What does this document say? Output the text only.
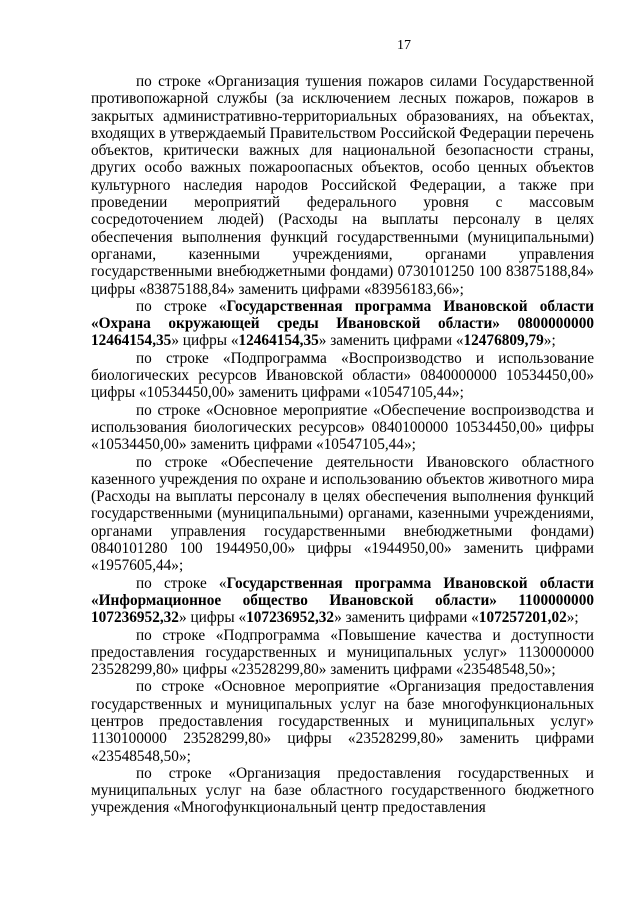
17

по строке «Организация тушения пожаров силами Государственной противопожарной службы (за исключением лесных пожаров, пожаров в закрытых административно-территориальных образованиях, на объектах, входящих в утверждаемый Правительством Российской Федерации перечень объектов, критически важных для национальной безопасности страны, других особо важных пожароопасных объектов, особо ценных объектов культурного наследия народов Российской Федерации, а также при проведении мероприятий федерального уровня с массовым сосредоточением людей) (Расходы на выплаты персоналу в целях обеспечения выполнения функций государственными (муниципальными) органами, казенными учреждениями, органами управления государственными внебюджетными фондами) 0730101250 100 83875188,84» цифры «83875188,84» заменить цифрами «83956183,66»;

по строке «Государственная программа Ивановской области «Охрана окружающей среды Ивановской области» 0800000000 12464154,35» цифры «12464154,35» заменить цифрами «12476809,79»;

по строке «Подпрограмма «Воспроизводство и использование биологических ресурсов Ивановской области» 0840000000 10534450,00» цифры «10534450,00» заменить цифрами «10547105,44»;

по строке «Основное мероприятие «Обеспечение воспроизводства и использования биологических ресурсов» 0840100000 10534450,00» цифры «10534450,00» заменить цифрами «10547105,44»;

по строке «Обеспечение деятельности Ивановского областного казенного учреждения по охране и использованию объектов животного мира (Расходы на выплаты персоналу в целях обеспечения выполнения функций государственными (муниципальными) органами, казенными учреждениями, органами управления государственными внебюджетными фондами) 0840101280 100 1944950,00» цифры «1944950,00» заменить цифрами «1957605,44»;

по строке «Государственная программа Ивановской области «Информационное общество Ивановской области» 1100000000 107236952,32» цифры «107236952,32» заменить цифрами «107257201,02»;

по строке «Подпрограмма «Повышение качества и доступности предоставления государственных и муниципальных услуг» 1130000000 23528299,80» цифры «23528299,80» заменить цифрами «23548548,50»;

по строке «Основное мероприятие «Организация предоставления государственных и муниципальных услуг на базе многофункциональных центров предоставления государственных и муниципальных услуг» 1130100000 23528299,80» цифры «23528299,80» заменить цифрами «23548548,50»;

по строке «Организация предоставления государственных и муниципальных услуг на базе областного государственного бюджетного учреждения «Многофункциональный центр предоставления
